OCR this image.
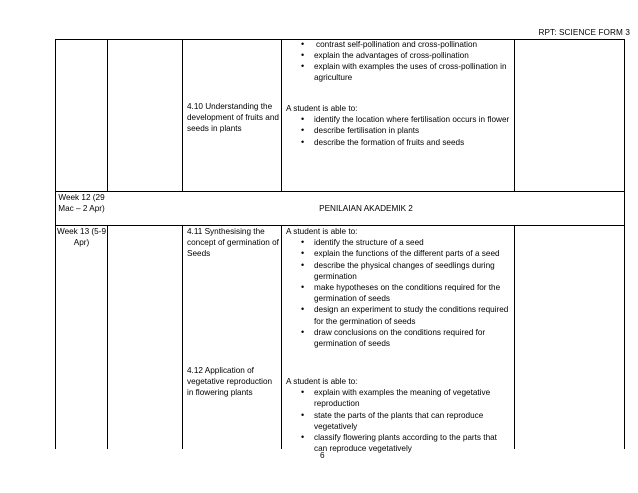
RPT: SCIENCE FORM 3
• contrast self-pollination and cross-pollination
• explain the advantages of cross-pollination
• explain with examples the uses of cross-pollination in agriculture
4.10 Understanding the development of fruits and seeds in plants

A student is able to:

• identify the location where fertilisation occurs in flower
• describe fertilisation in plants
• describe the formation of fruits and seeds
Week 12 (29 Mac – 2 Apr)	PENILAIAN AKADEMIK 2
Week 13 (5-9 Apr)
4.11 Synthesising the concept of germination of Seeds

A student is able to:

• identify the structure of a seed
• explain the functions of the different parts of a seed
• describe the physical changes of seedlings during germination
• make hypotheses on the conditions required for the germination of seeds
• design an experiment to study the conditions required for the germination of seeds
• draw conclusions on the conditions required for germination of seeds
4.12 Application of vegetative reproduction in flowering plants

A student is able to:

• explain with examples the meaning of vegetative reproduction
• state the parts of the plants that can reproduce vegetatively
• classify flowering plants according to the parts that can reproduce vegetatively
6
